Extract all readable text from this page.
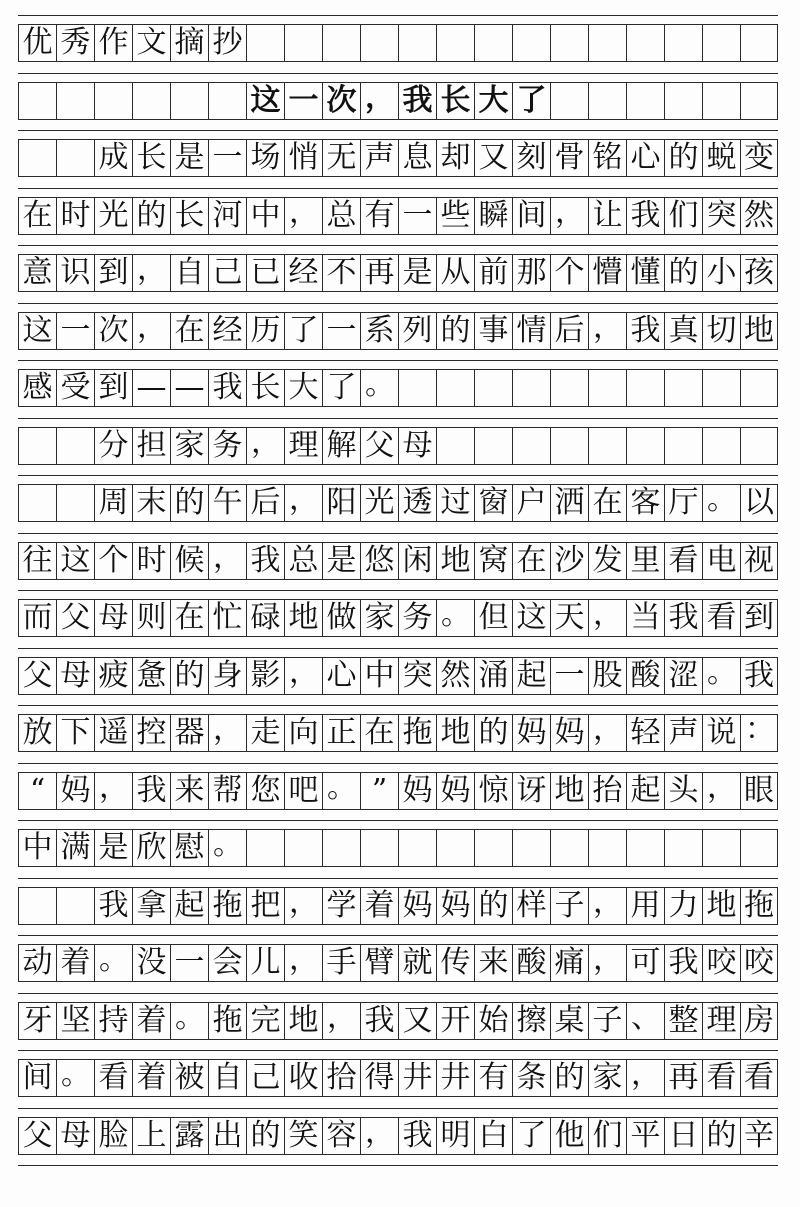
优 秀 作 文 摘 抄
这 一 次 ， 我 长 大 了
成 长 是 一 场 悄 无 声 息 却 又 刻 骨 铭 心 的 蜕 变
在 时 光 的 长 河 中 ， 总 有 一 些 瞬 间 ， 让 我 们 突 然
意 识 到 ， 自 己 已 经 不 再 是 从 前 那 个 懵 懂 的 小 孩
这 一 次 ， 在 经 历 了 一 系 列 的 事 情 后 ， 我 真 切 地
感 受 到 — — 我 长 大 了 。
分 担 家 务 ， 理 解 父 母
周 末 的 午 后 ， 阳 光 透 过 窗 户 洒 在 客 厅 。 以
往 这 个 时 候 ， 我 总 是 悠 闲 地 窝 在 沙 发 里 看 电 视
而 父 母 则 在 忙 碌 地 做 家 务 。 但 这 天 ， 当 我 看 到
父 母 疲 惫 的 身 影 ， 心 中 突 然 涌 起 一 股 酸 涩 。 我
放 下 遥 控 器 ， 走 向 正 在 拖 地 的 妈 妈 ， 轻 声 说 ：
“ 妈 ， 我 来 帮 您 吧 。 ” 妈 妈 惊 讶 地 抬 起 头 ， 眼
中 满 是 欣 慰 。
我 拿 起 拖 把 ， 学 着 妈 妈 的 样 子 ， 用 力 地 拖
动 着 。 没 一 会 儿 ， 手 臂 就 传 来 酸 痛 ， 可 我 咬 咬
牙 坚 持 着 。 拖 完 地 ， 我 又 开 始 擦 桌 子 、 整 理 房
间 。 看 着 被 自 己 收 拾 得 井 井 有 条 的 家 ， 再 看 看
父 母 脸 上 露 出 的 笑 容 ， 我 明 白 了 他 们 平 日 的 辛
